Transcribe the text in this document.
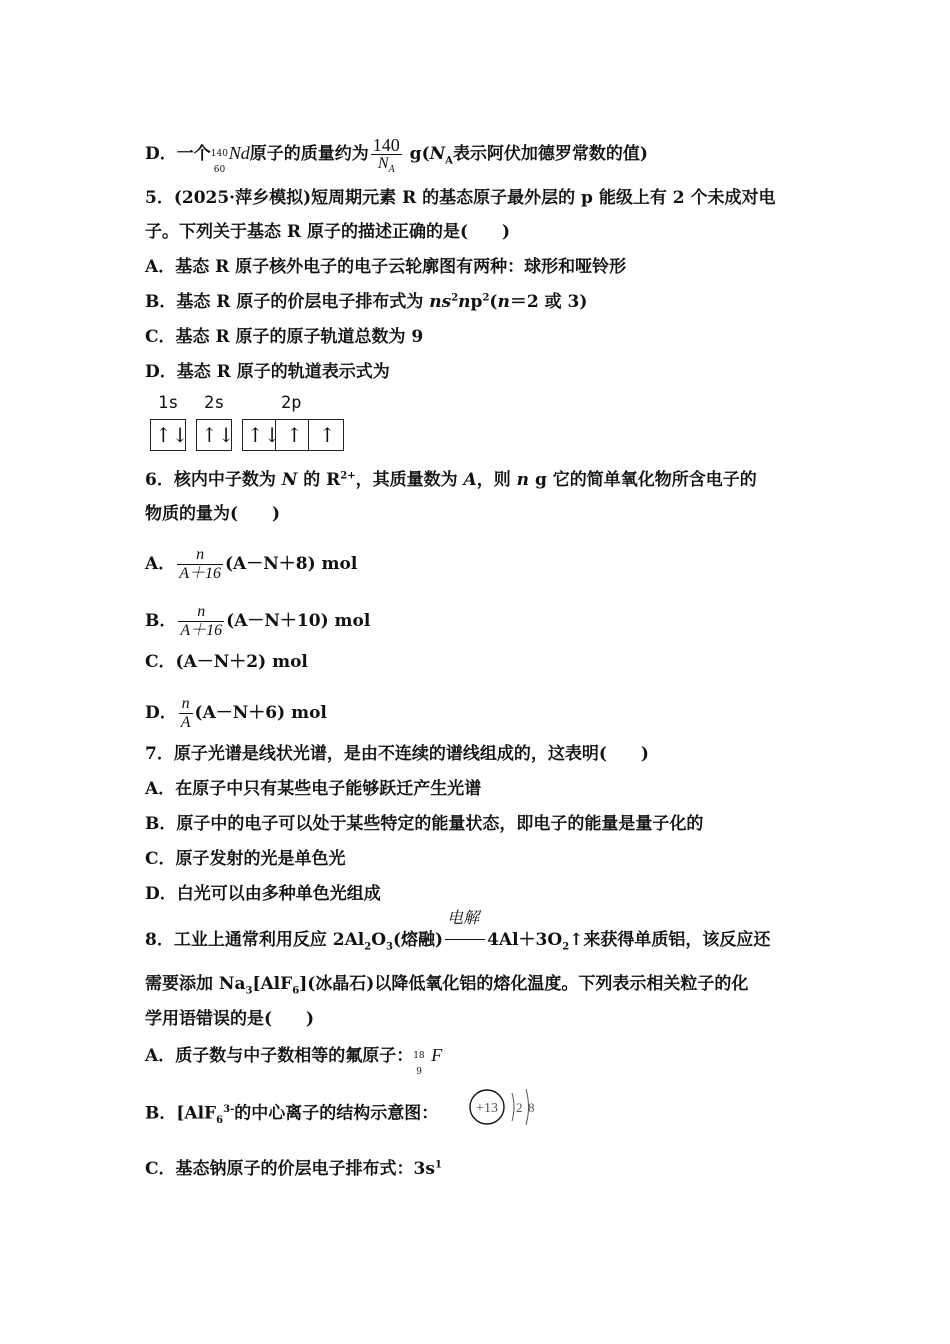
D．一个 140
60
Nd原子的质量约为 $\frac{140}{N_A} g(N_A$表示阿伏加德罗常数的值)
5．(2025·萍乡模拟)短周期元素 R 的基态原子最外层的 p 能级上有 2 个未成对电
子。下列关于基态 R 原子的描述正确的是(　　)
A．基态 R 原子核外电子的电子云轮廓图有两种：球形和哑铃形
B．基态 R 原子的价层电子排布式为 $ns^2np^2(n=2$ 或 3)
C．基态 R 原子的原子轨道总数为 9
D．基态 R 原子的轨道表示式为
1s 2s	2p
↑↓ ↑↓ ↑↓ ↑ ↑
6．核内中子数为 N 的 $R^{2+}$，其质量数为 A，则 n g 它的简单氧化物所含电子的
物质的量为(　　)
A． $\frac{n}{A+16} (A-N+8)$ mol
B． $\frac{n}{A+16} (A-N+10)$ mol
C．(A－N＋2) mol
D． $\frac{n}{A} (A-N+6)$ mol
7．原子光谱是线状光谱，是由不连续的谱线组成的，这表明(　　)
A．在原子中只有某些电子能够跃迁产生光谱
B．原子中的电子可以处于某些特定的能量状态，即电子的能量是量子化的
C．原子发射的光是单色光
D．白光可以由多种单色光组成
8．工业上通常利用反应 $2Al_2O_3$(熔融)
电解
$4Al+3O_2↑$来获得单质铝，该反应还
需要添加 $Na_3[AlF_6]$(冰晶石)以降低氧化铝的熔化温度。下列表示相关粒子的化
学用语错误的是(　　)
A．质子数与中子数相等的氟原子： 18
9
F
B．[AlF$_6^{3-}$的中心离子的结构示意图：	+13 2 8
C．基态钠原子的价层电子排布式：$3s^1$
